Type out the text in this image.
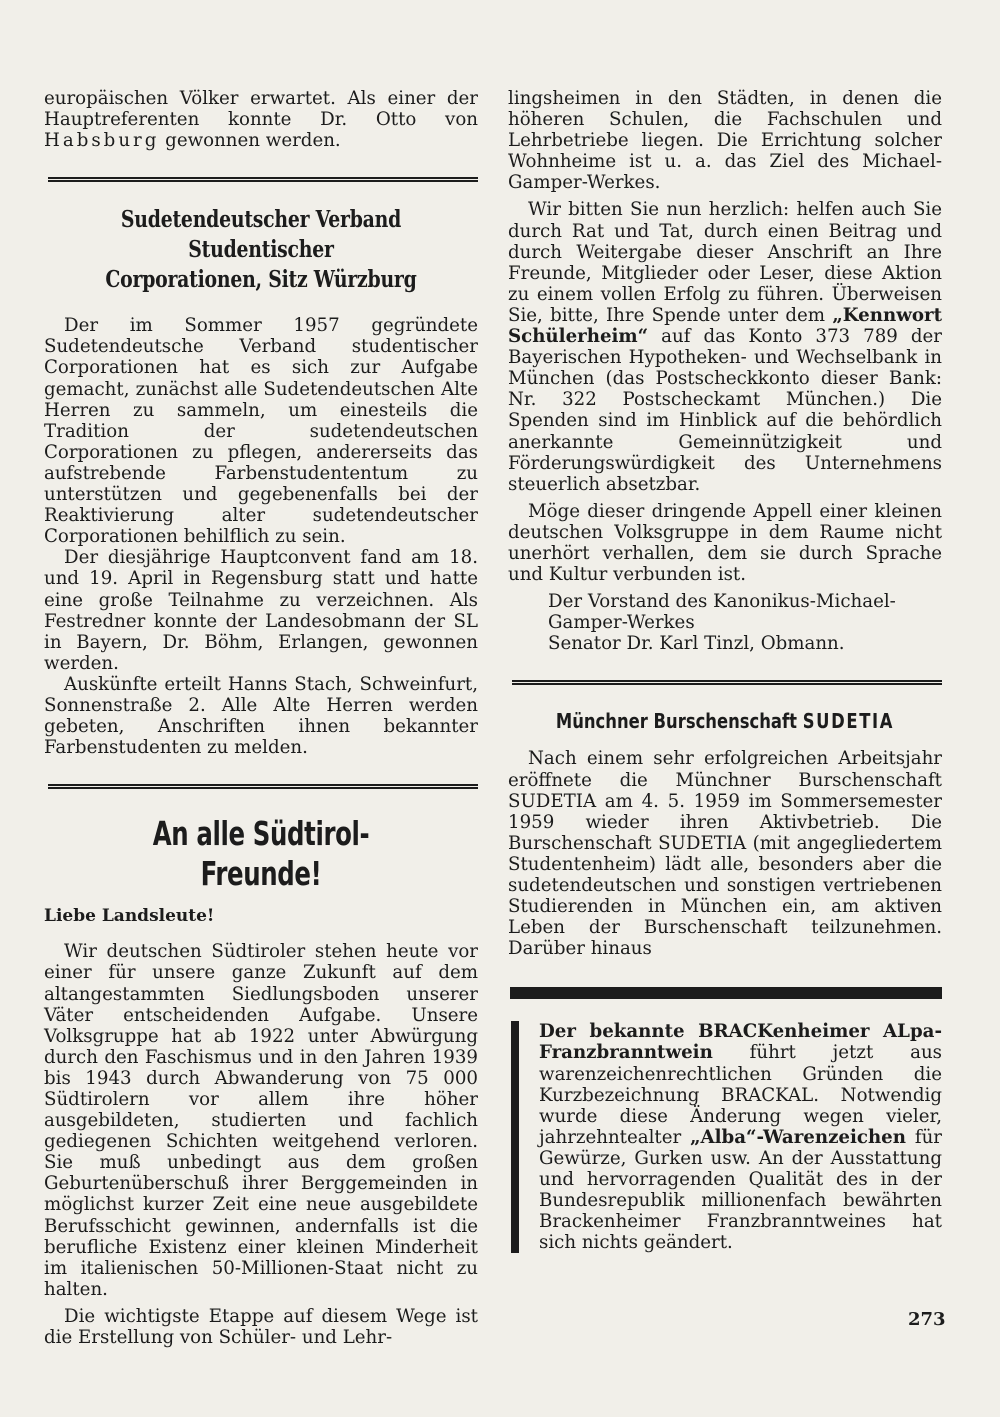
europäischen Völker erwartet. Als einer der Hauptreferenten konnte Dr. Otto von Habsburg gewonnen werden.

Sudetendeutscher Verband Studentischer
Corporationen, Sitz Würzburg

Der im Sommer 1957 gegründete Sudetendeutsche Verband studentischer Corporationen hat es sich zur Aufgabe gemacht, zunächst alle Sudetendeutschen Alte Herren zu sammeln, um einesteils die Tradition der sudetendeutschen Corporationen zu pflegen, andererseits das aufstrebende Farbenstudententum zu unterstützen und gegebenenfalls bei der Reaktivierung alter sudetendeutscher Corporationen behilflich zu sein.

Der diesjährige Hauptconvent fand am 18. und 19. April in Regensburg statt und hatte eine große Teilnahme zu verzeichnen. Als Festredner konnte der Landesobmann der SL in Bayern, Dr. Böhm, Erlangen, gewonnen werden.

Auskünfte erteilt Hanns Stach, Schweinfurt, Sonnenstraße 2. Alle Alte Herren werden gebeten, Anschriften ihnen bekannter Farbenstudenten zu melden.

An alle Südtirol-Freunde!

Liebe Landsleute!

Wir deutschen Südtiroler stehen heute vor einer für unsere ganze Zukunft auf dem altangestammten Siedlungsboden unserer Väter entscheidenden Aufgabe. Unsere Volksgruppe hat ab 1922 unter Abwürgung durch den Faschismus und in den Jahren 1939 bis 1943 durch Abwanderung von 75 000 Südtirolern vor allem ihre höher ausgebildeten, studierten und fachlich gediegenen Schichten weitgehend verloren. Sie muß unbedingt aus dem großen Geburtenüberschuß ihrer Berggemeinden in möglichst kurzer Zeit eine neue ausgebildete Berufsschicht gewinnen, andernfalls ist die berufliche Existenz einer kleinen Minderheit im italienischen 50-Millionen-Staat nicht zu halten.

Die wichtigste Etappe auf diesem Wege ist die Erstellung von Schüler- und Lehr-

lingsheimen in den Städten, in denen die höheren Schulen, die Fachschulen und Lehrbetriebe liegen. Die Errichtung solcher Wohnheime ist u. a. das Ziel des Michael-Gamper-Werkes.

Wir bitten Sie nun herzlich: helfen auch Sie durch Rat und Tat, durch einen Beitrag und durch Weitergabe dieser Anschrift an Ihre Freunde, Mitglieder oder Leser, diese Aktion zu einem vollen Erfolg zu führen. Überweisen Sie, bitte, Ihre Spende unter dem „Kennwort Schülerheim“ auf das Konto 373 789 der Bayerischen Hypotheken- und Wechselbank in München (das Postscheckkonto dieser Bank: Nr. 322 Postscheckamt München.) Die Spenden sind im Hinblick auf die behördlich anerkannte Gemeinnützigkeit und Förderungswürdigkeit des Unternehmens steuerlich absetzbar.

Möge dieser dringende Appell einer kleinen deutschen Volksgruppe in dem Raume nicht unerhört verhallen, dem sie durch Sprache und Kultur verbunden ist.

Der Vorstand des Kanonikus-Michael-
Gamper-Werkes
Senator Dr. Karl Tinzl, Obmann.
Münchner Burschenschaft SUDETIA

Nach einem sehr erfolgreichen Arbeitsjahr eröffnete die Münchner Burschenschaft SUDETIA am 4. 5. 1959 im Sommersemester 1959 wieder ihren Aktivbetrieb. Die Burschenschaft SUDETIA (mit angegliedertem Studentenheim) lädt alle, besonders aber die sudetendeutschen und sonstigen vertriebenen Studierenden in München ein, am aktiven Leben der Burschenschaft teilzunehmen. Darüber hinaus

Der bekannte BRACKenheimer ALpa-Franzbranntwein führt jetzt aus warenzeichenrechtlichen Gründen die Kurzbezeichnung BRACKAL. Notwendig wurde diese Änderung wegen vieler, jahrzehntealter „Alba“-Warenzeichen für Gewürze, Gurken usw. An der Ausstattung und hervorragenden Qualität des in der Bundesrepublik millionenfach bewährten Brackenheimer Franzbranntweines hat sich nichts geändert.

273
